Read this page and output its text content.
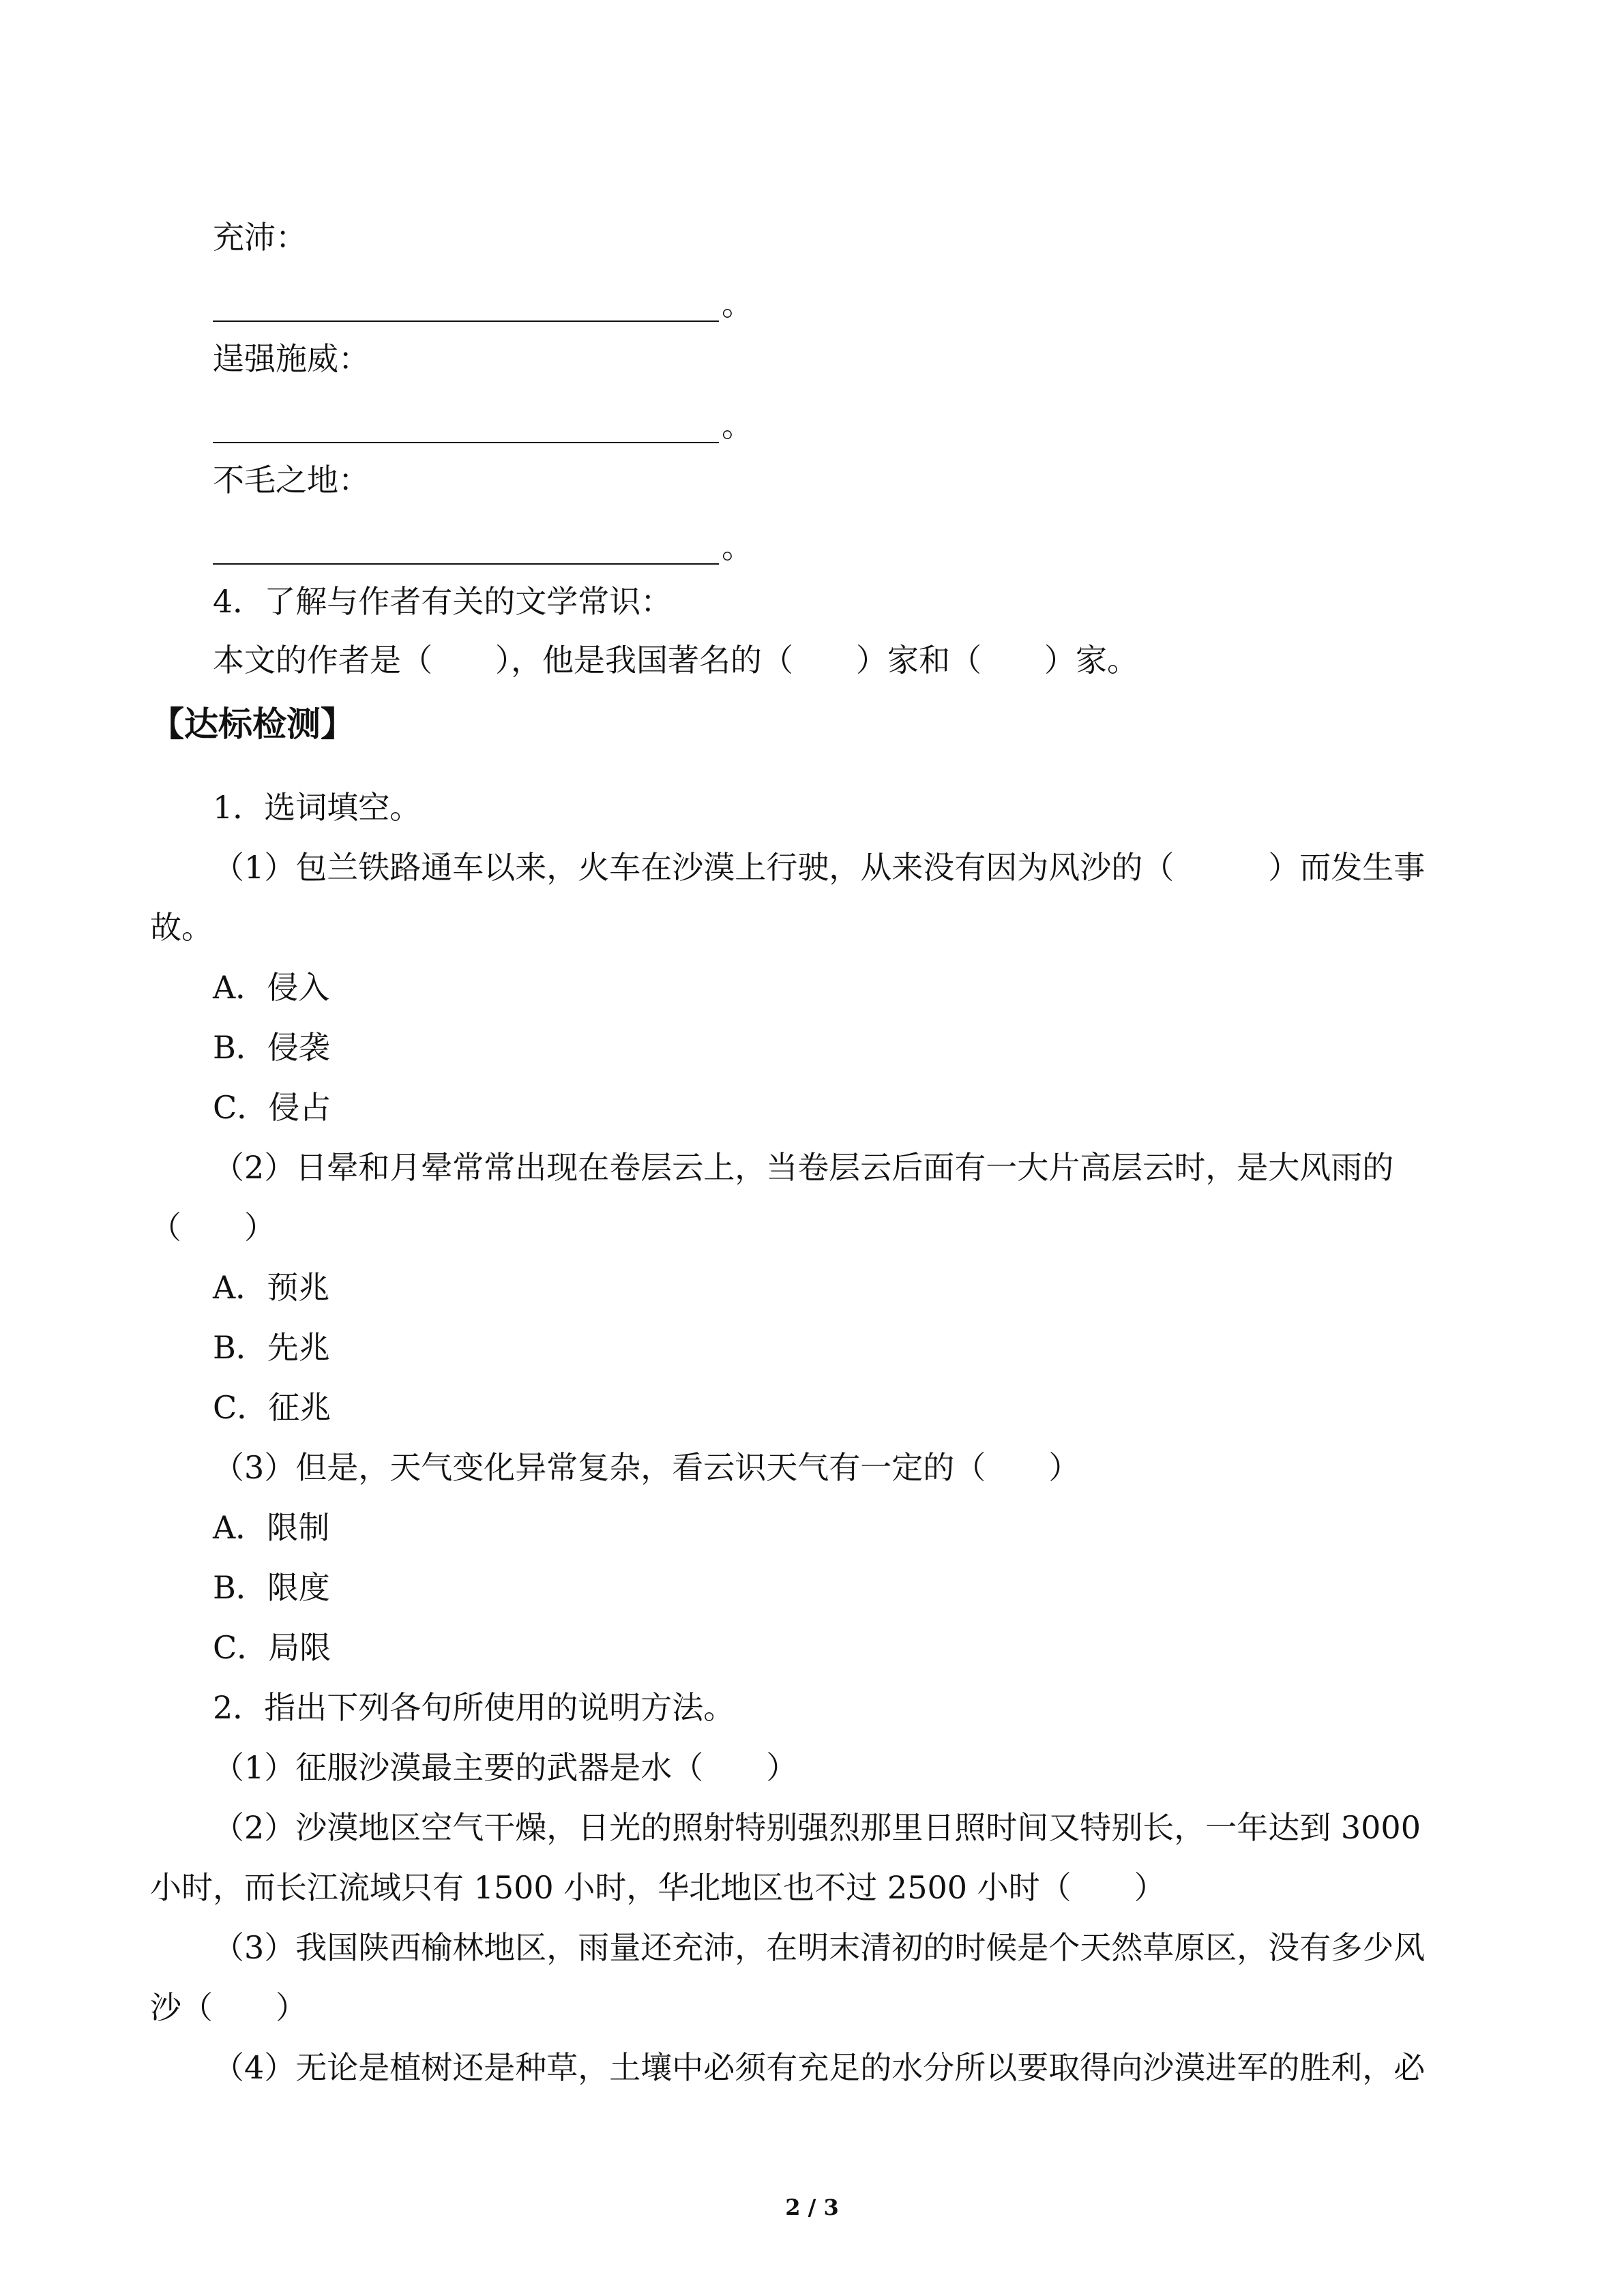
充沛：
。
逞强施威：
。
不毛之地：
。
4．了解与作者有关的文学常识：
本文的作者是（　　），他是我国著名的（　　）家和（　　）家。
【达标检测】
1．选词填空。
（1）包兰铁路通车以来，火车在沙漠上行驶，从来没有因为风沙的（　　　）而发生事
故。
A．侵入
B．侵袭
C．侵占
（2）日晕和月晕常常出现在卷层云上，当卷层云后面有一大片高层云时，是大风雨的
（　　）
A．预兆
B．先兆
C．征兆
（3）但是，天气变化异常复杂，看云识天气有一定的（　　）
A．限制
B．限度
C．局限
2．指出下列各句所使用的说明方法。
（1）征服沙漠最主要的武器是水（　　）
（2）沙漠地区空气干燥，日光的照射特别强烈那里日照时间又特别长，一年达到 3000
小时，而长江流域只有 1500 小时，华北地区也不过 2500 小时（　　）
（3）我国陕西榆林地区，雨量还充沛，在明末清初的时候是个天然草原区，没有多少风
沙（　　）
（4）无论是植树还是种草，土壤中必须有充足的水分所以要取得向沙漠进军的胜利，必
2 / 3
